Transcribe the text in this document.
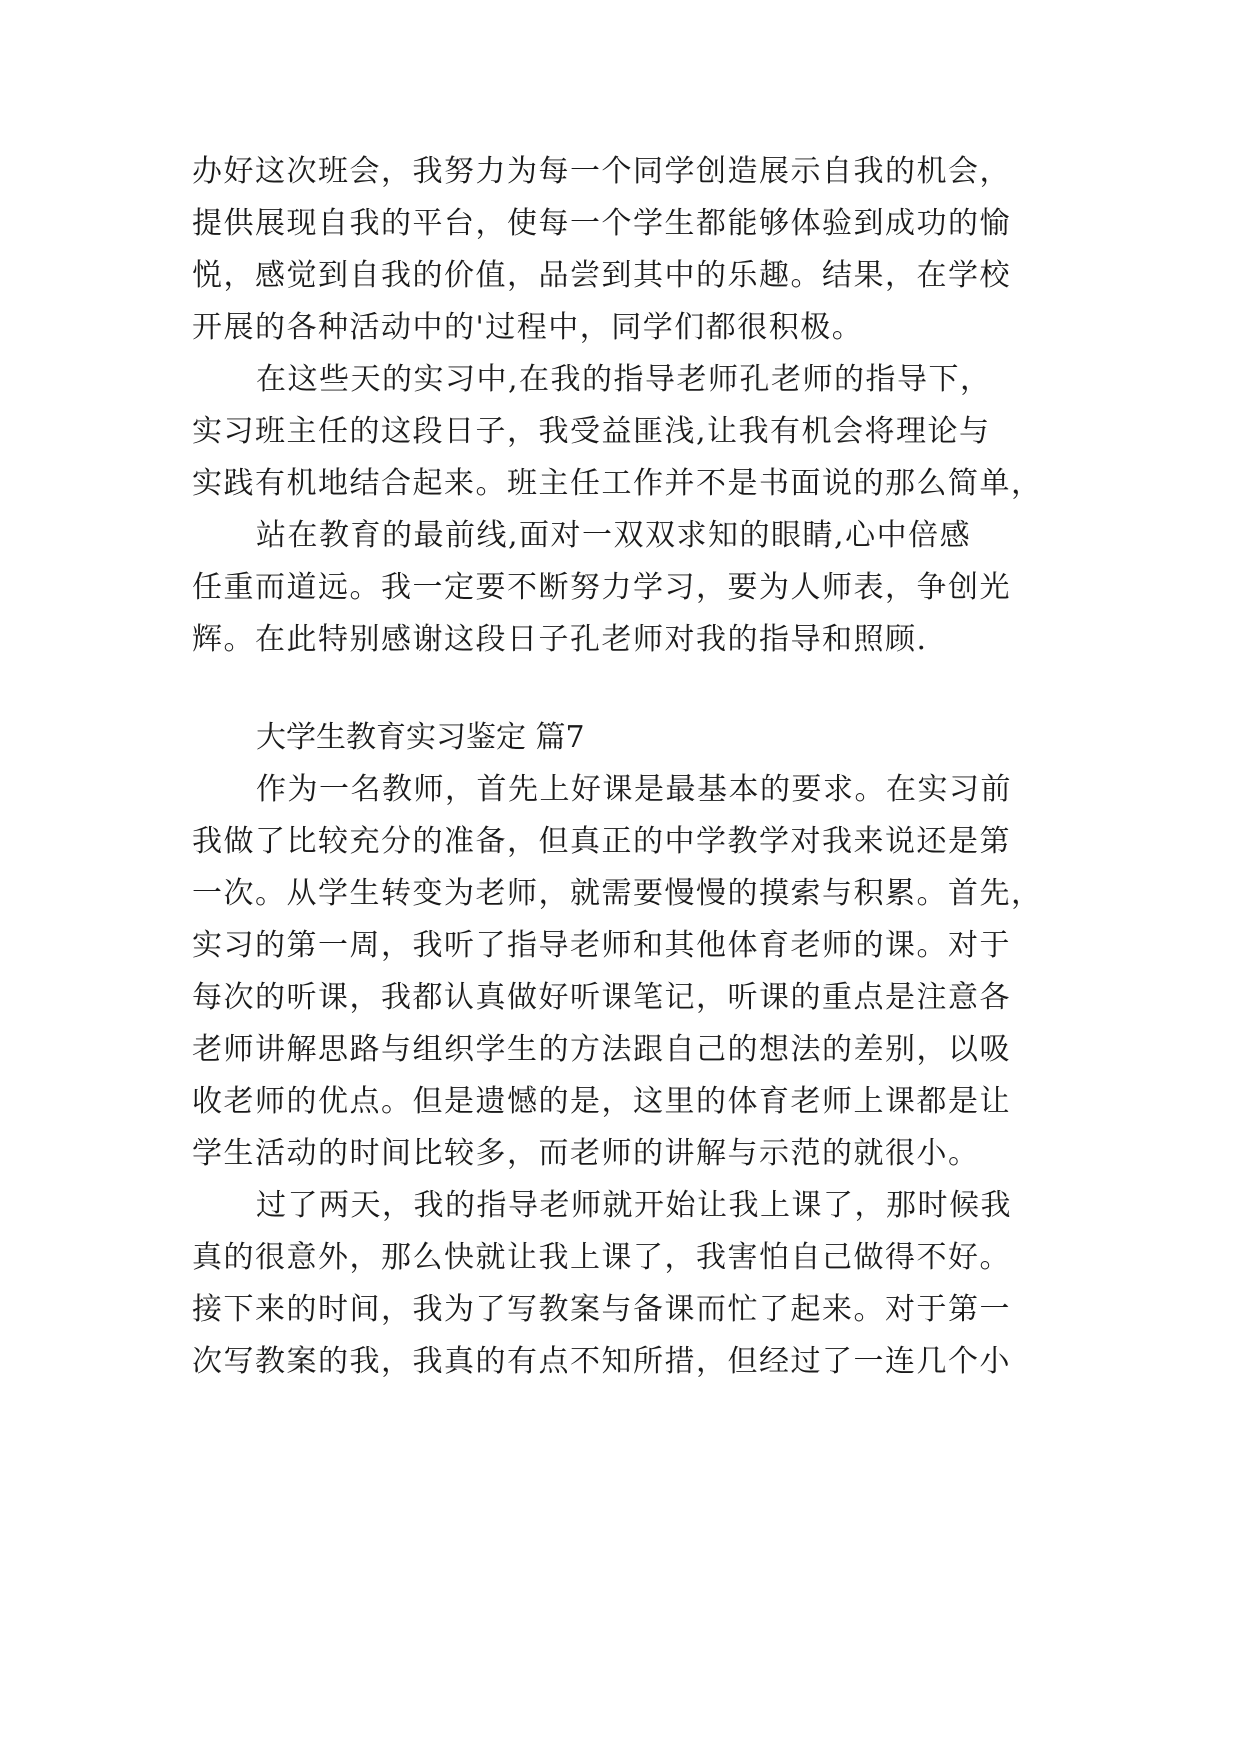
办好这次班会，我努力为每一个同学创造展示自我的机会，

提供展现自我的平台，使每一个学生都能够体验到成功的愉

悦，感觉到自我的价值，品尝到其中的乐趣。结果，在学校

开展的各种活动中的'过程中，同学们都很积极。

在这些天的实习中,在我的指导老师孔老师的指导下，

实习班主任的这段日子，我受益匪浅,让我有机会将理论与

实践有机地结合起来。班主任工作并不是书面说的那么简单，

站在教育的最前线,面对一双双求知的眼睛,心中倍感

任重而道远。我一定要不断努力学习，要为人师表，争创光

辉。在此特别感谢这段日子孔老师对我的指导和照顾.

大学生教育实习鉴定 篇7

作为一名教师，首先上好课是最基本的要求。在实习前

我做了比较充分的准备，但真正的中学教学对我来说还是第

一次。从学生转变为老师，就需要慢慢的摸索与积累。首先，

实习的第一周，我听了指导老师和其他体育老师的课。对于

每次的听课，我都认真做好听课笔记，听课的重点是注意各

老师讲解思路与组织学生的方法跟自己的想法的差别，以吸

收老师的优点。但是遗憾的是，这里的体育老师上课都是让

学生活动的时间比较多，而老师的讲解与示范的就很小。

过了两天，我的指导老师就开始让我上课了，那时候我

真的很意外，那么快就让我上课了，我害怕自己做得不好。

接下来的时间，我为了写教案与备课而忙了起来。对于第一

次写教案的我，我真的有点不知所措，但经过了一连几个小
